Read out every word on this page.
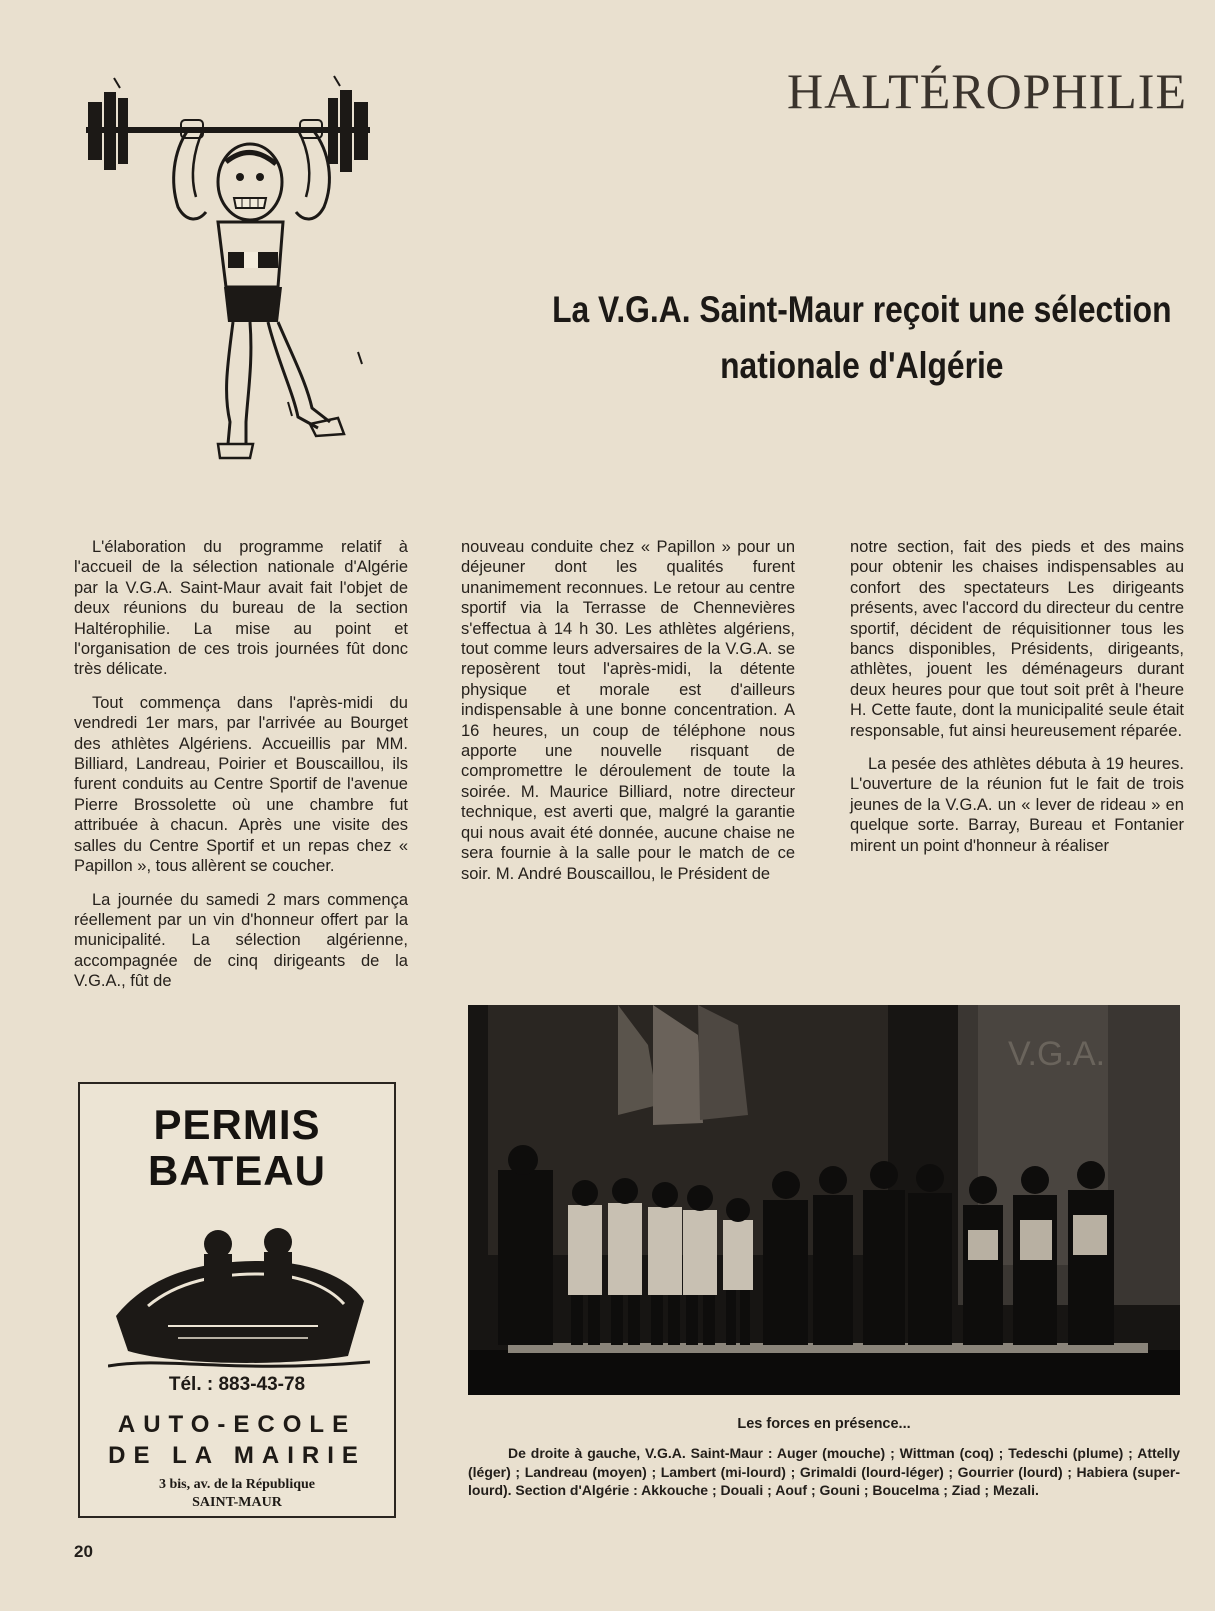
HALTÉROPHILIE
La V.G.A. Saint-Maur reçoit une sélection
nationale d'Algérie

L'élaboration du programme relatif à l'accueil de la sélection nationale d'Algérie par la V.G.A. Saint-Maur avait fait l'objet de deux réunions du bureau de la section Haltérophilie. La mise au point et l'organisation de ces trois journées fût donc très délicate.

Tout commença dans l'après-midi du vendredi 1er mars, par l'arrivée au Bourget des athlètes Algériens. Accueillis par MM. Billiard, Landreau, Poirier et Bouscaillou, ils furent conduits au Centre Sportif de l'avenue Pierre Brossolette où une chambre fut attribuée à chacun. Après une visite des salles du Centre Sportif et un repas chez « Papillon », tous allèrent se coucher.

La journée du samedi 2 mars commença réellement par un vin d'honneur offert par la municipalité. La sélection algérienne, accompagnée de cinq dirigeants de la V.G.A., fût de

nouveau conduite chez « Papillon » pour un déjeuner dont les qualités furent unanimement reconnues. Le retour au centre sportif via la Terrasse de Chennevières s'effectua à 14 h 30. Les athlètes algériens, tout comme leurs adversaires de la V.G.A. se reposèrent tout l'après-midi, la détente physique et morale est d'ailleurs indispensable à une bonne concentration. A 16 heures, un coup de téléphone nous apporte une nouvelle risquant de compromettre le déroulement de toute la soirée. M. Maurice Billiard, notre directeur technique, est averti que, malgré la garantie qui nous avait été donnée, aucune chaise ne sera fournie à la salle pour le match de ce soir. M. André Bouscaillou, le Président de

notre section, fait des pieds et des mains pour obtenir les chaises indispensables au confort des spectateurs Les dirigeants présents, avec l'accord du directeur du centre sportif, décident de réquisitionner tous les bancs disponibles, Présidents, dirigeants, athlètes, jouent les déménageurs durant deux heures pour que tout soit prêt à l'heure H. Cette faute, dont la municipalité seule était responsable, fut ainsi heureusement réparée.

La pesée des athlètes débuta à 19 heures. L'ouverture de la réunion fut le fait de trois jeunes de la V.G.A. un « lever de rideau » en quelque sorte. Barray, Bureau et Fontanier mirent un point d'honneur à réaliser

PERMIS
BATEAU
Tél. : 883-43-78
AUTO-ECOLE
DE LA MAIRIE
3 bis, av. de la République
SAINT-MAUR
V.G.A.
Les forces en présence...
De droite à gauche, V.G.A. Saint-Maur : Auger (mouche) ; Wittman (coq) ; Tedeschi (plume) ; Attelly (léger) ; Landreau (moyen) ; Lambert (mi-lourd) ; Grimaldi (lourd-léger) ; Gourrier (lourd) ; Habiera (super-lourd). Section d'Algérie : Akkouche ; Douali ; Aouf ; Gouni ; Boucelma ; Ziad ; Mezali.
20
